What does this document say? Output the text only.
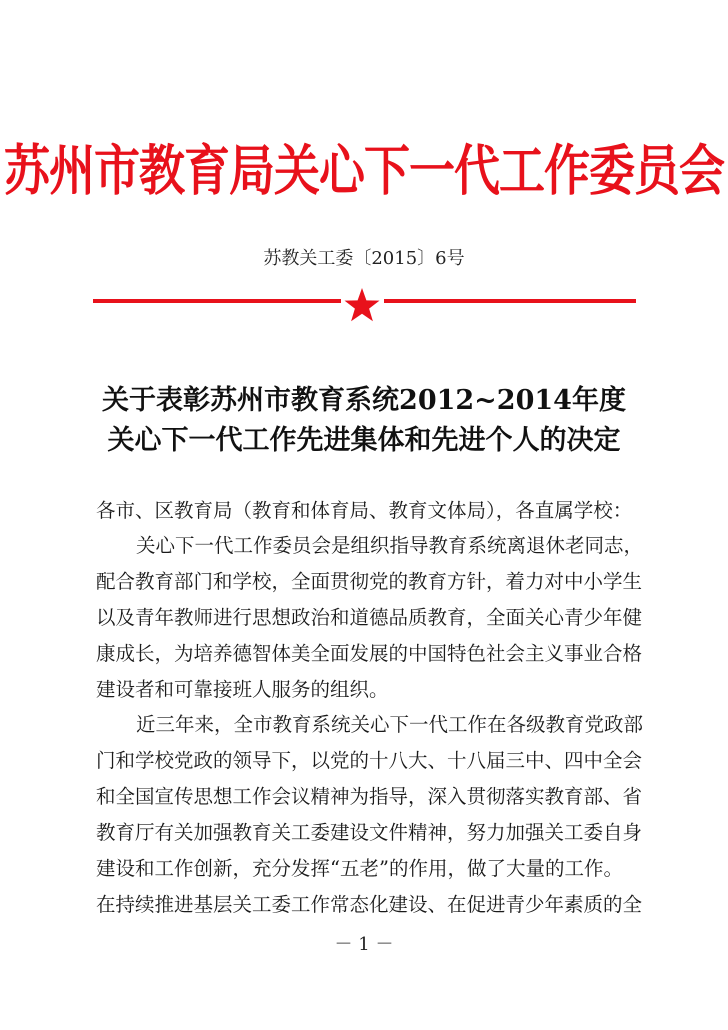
苏州市教育局关心下一代工作委员会
苏教关工委〔2015〕6号
关于表彰苏州市教育系统2012~2014年度
关心下一代工作先进集体和先进个人的决定
各市、区教育局（教育和体育局、教育文体局），各直属学校：
关心下一代工作委员会是组织指导教育系统离退休老同志，
配合教育部门和学校，全面贯彻党的教育方针，着力对中小学生
以及青年教师进行思想政治和道德品质教育，全面关心青少年健
康成长，为培养德智体美全面发展的中国特色社会主义事业合格
建设者和可靠接班人服务的组织。
近三年来，全市教育系统关心下一代工作在各级教育党政部
门和学校党政的领导下，以党的十八大、十八届三中、四中全会
和全国宣传思想工作会议精神为指导，深入贯彻落实教育部、省
教育厅有关加强教育关工委建设文件精神，努力加强关工委自身
建设和工作创新，充分发挥“五老”的作用，做了大量的工作。
在持续推进基层关工委工作常态化建设、在促进青少年素质的全
－ 1 －
